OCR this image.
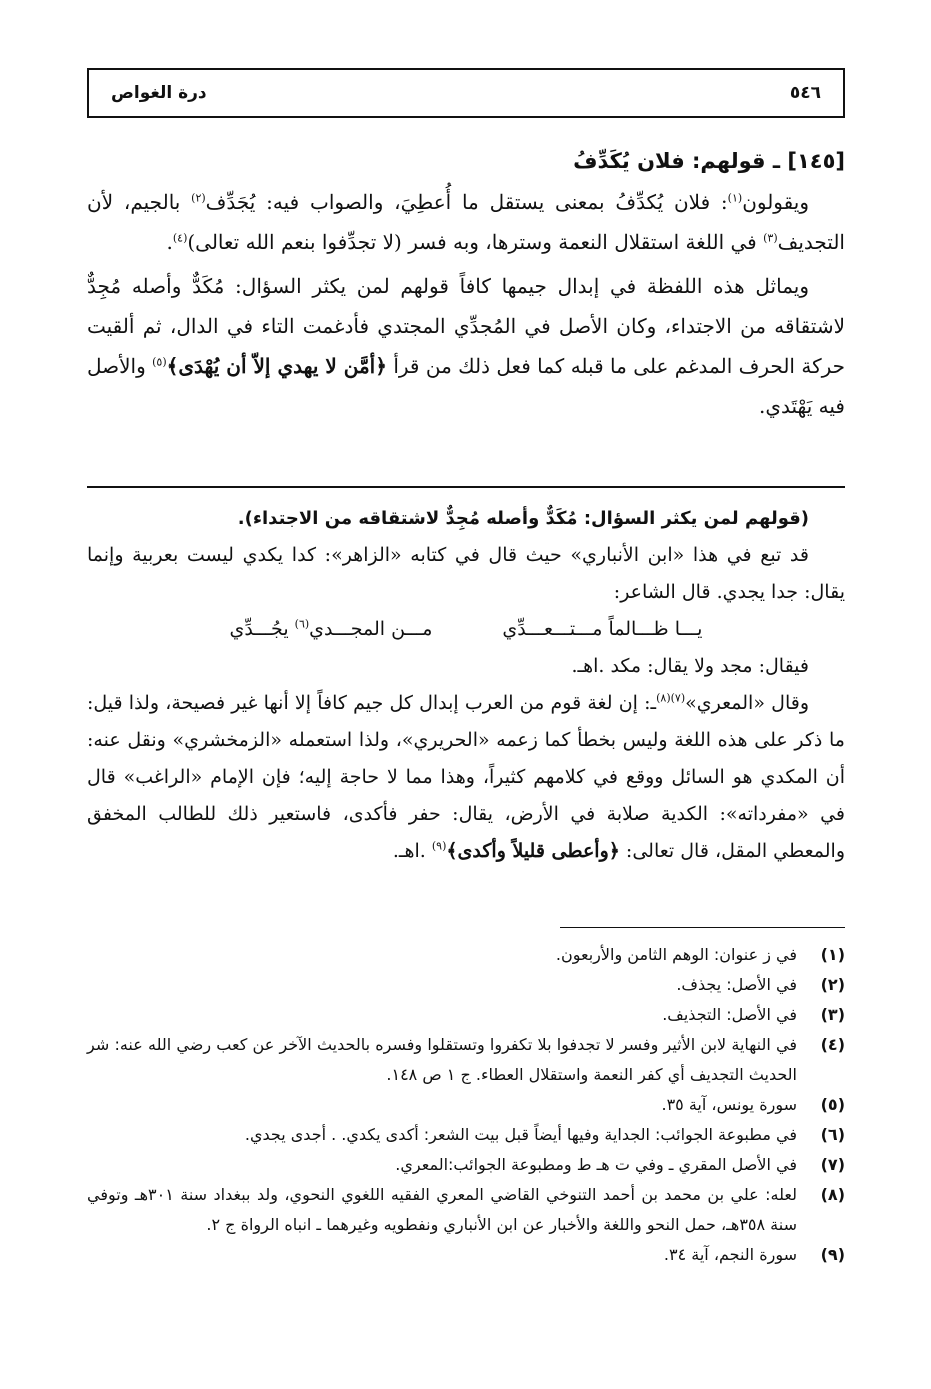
٥٤٦
درة الغواص
[١٤٥] ـ قولهم: فلان يُكَدِّفُ

ويقولون$^{(١)}$: فلان يُكدِّفُ بمعنى يستقل ما أُعطِيَ، والصواب فيه: يُجَدِّف$^{(٢)}$ بالجيم، لأن التجديف$^{(٣)}$ في اللغة استقلال النعمة وسترها، وبه فسر (لا تجدِّفوا بنعم الله تعالى)$^{(٤)}$.

ويماثل هذه اللفظة في إبدال جيمها كافاً قولهم لمن يكثر السؤال: مُكَدٌّ وأصله مُجِدٌّ لاشتقاقه من الاجتداء، وكان الأصل في المُجدِّي المجتدي فأدغمت التاء في الدال، ثم ألقيت حركة الحرف المدغم على ما قبله كما فعل ذلك من قرأ ﴿أمَّن لا يهدي إلاّ أن يُهْدَى﴾$^{(٥)}$ والأصل فيه يَهْتَدي.

(قولهم لمن يكثر السؤال: مُكَدٌّ وأصله مُجِدٌّ لاشتقاقه من الاجتداء).

قد تبع في هذا «ابن الأنباري» حيث قال في كتابه «الزاهر»: كدا يكدي ليست بعربية وإنما يقال: جدا يجدي. قال الشاعر:

يـــا ظـــالماً مـــتـــعـــدِّي
مـــن المجـــدي$^{(٦)}$ يجُـــدِّي

فيقال: مجد ولا يقال: مكد .اهـ.

وقال «المعري»$^{(٧)(٨)}$ـ: إن لغة قوم من العرب إبدال كل جيم كافاً إلا أنها غير فصيحة، ولذا قيل: ما ذكر على هذه اللغة وليس بخطأ كما زعمه «الحريري»، ولذا استعمله «الزمخشري» ونقل عنه: أن المكدي هو السائل ووقع في كلامهم كثيراً، وهذا مما لا حاجة إليه؛ فإن الإمام «الراغب» قال في «مفرداته»: الكدية صلابة في الأرض، يقال: حفر فأكدى، فاستعير ذلك للطالب المخفق والمعطي المقل، قال تعالى: ﴿وأعطى قليلاً وأكدى﴾$^{(٩)}$ .اهـ.

(١)
في ز عنوان: الوهم الثامن والأربعون.
(٢)
في الأصل: يجذف.
(٣)
في الأصل: التجذيف.
(٤)
في النهاية لابن الأثير وفسر لا تجدفوا بلا تكفروا وتستقلوا وفسره بالحديث الآخر عن كعب رضي الله عنه: شر الحديث التجديف أي كفر النعمة واستقلال العطاء. ج ١ ص ١٤٨.
(٥)
سورة يونس، آية ٣٥.
(٦)
في مطبوعة الجوائب: الجداية وفيها أيضاً قبل بيت الشعر: أكدى يكدي. . أجدى يجدي.
(٧)
في الأصل المقري ـ وفي ت هـ ط ومطبوعة الجوائب:المعري.
(٨)
لعله: علي بن محمد بن أحمد التنوخي القاضي المعري الفقيه اللغوي النحوي، ولد ببغداد سنة ٣٠١هـ وتوفي سنة ٣٥٨هـ، حمل النحو واللغة والأخبار عن ابن الأنباري ونفطويه وغيرهما ـ انباه الرواة ج ٢.
(٩)
سورة النجم، آية ٣٤.
